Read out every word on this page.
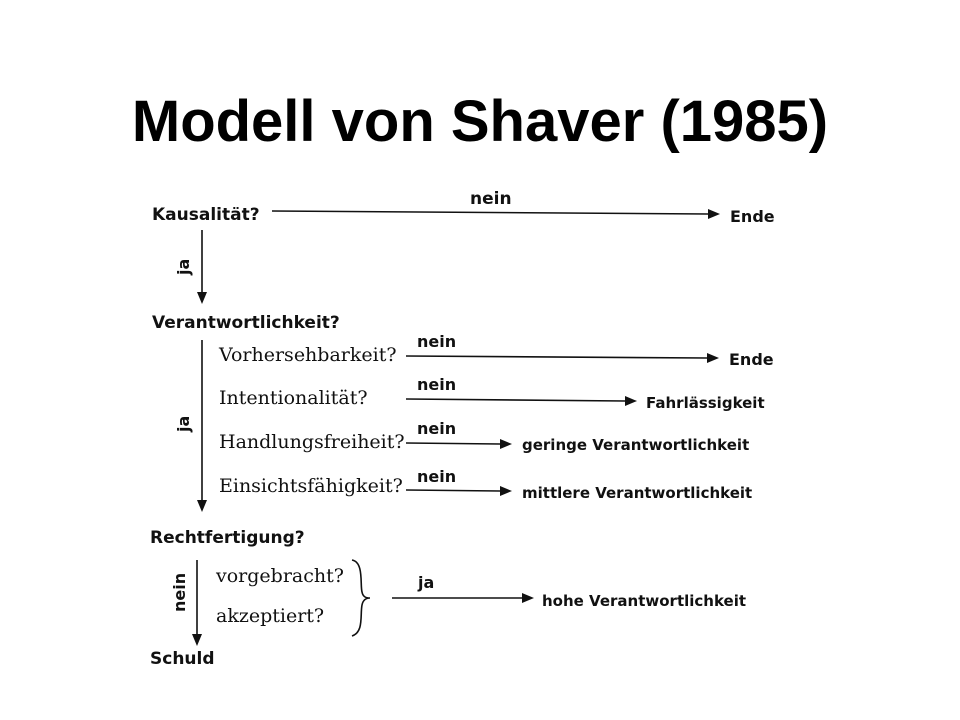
Modell von Shaver (1985)
Kausalität?
nein
Ende
ja
Verantwortlichkeit?
ja
Vorhersehbarkeit?
Intentionalität?
Handlungsfreiheit?
Einsichtsfähigkeit?
nein
Ende
nein
Fahrlässigkeit
nein
geringe Verantwortlichkeit
nein
mittlere Verantwortlichkeit
Rechtfertigung?
nein vorgebracht?
akzeptiert?
ja
hohe Verantwortlichkeit
Schuld
